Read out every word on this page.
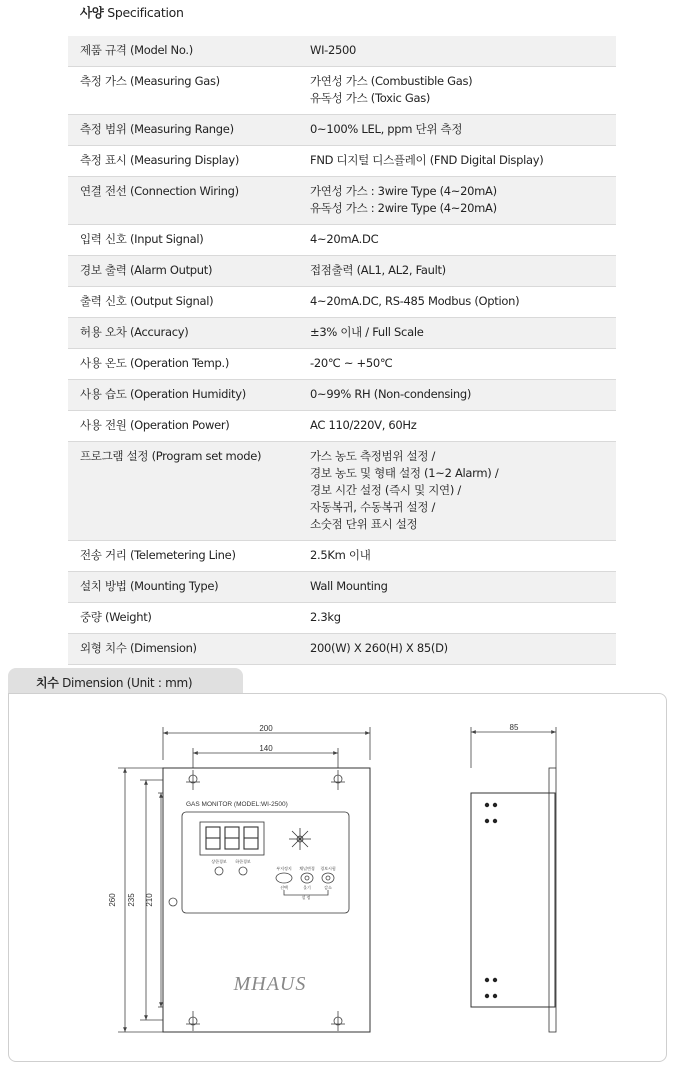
사양 Specification
제품 규격 (Model No.)	WI-2500

측정 가스 (Measuring Gas)	가연성 가스 (Combustible Gas)
유독성 가스 (Toxic Gas)

측정 범위 (Measuring Range)	0~100% LEL, ppm 단위 측정

측정 표시 (Measuring Display)	FND 디지털 디스플레이 (FND Digital Display)

연결 전선 (Connection Wiring)	가연성 가스 : 3wire Type (4~20mA)
유독성 가스 : 2wire Type (4~20mA)

입력 신호 (Input Signal)	4~20mA.DC

경보 출력 (Alarm Output)	접점출력 (AL1, AL2, Fault)

출력 신호 (Output Signal)	4~20mA.DC, RS-485 Modbus (Option)

허용 오차 (Accuracy)	±3% 이내 / Full Scale

사용 온도 (Operation Temp.)	-20℃ ~ +50℃

사용 습도 (Operation Humidity)	0~99% RH (Non-condensing)

사용 전원 (Operation Power)	AC 110/220V, 60Hz

프로그램 설정 (Program set mode)	가스 농도 측정범위 설정 /
경보 농도 및 형태 설정 (1~2 Alarm) /
경보 시간 설정 (즉시 및 지연) /
자동복귀, 수동복귀 설정 /
소숫점 단위 표시 설정

전송 거리 (Telemetering Line)	2.5Km 이내

설치 방법 (Mounting Type)	Wall Mounting

중량 (Weight)	2.3kg

외형 치수 (Dimension)	200(W) X 260(H) X 85(D)
치수 Dimension (Unit : mm)
200
140
260 235 210
GAS MONITOR (MODEL:WI-2500)
상한경보 하한경보
부저정지 채널변경 경보시험
선택	올기	감소
설 정
MHAUS
85
